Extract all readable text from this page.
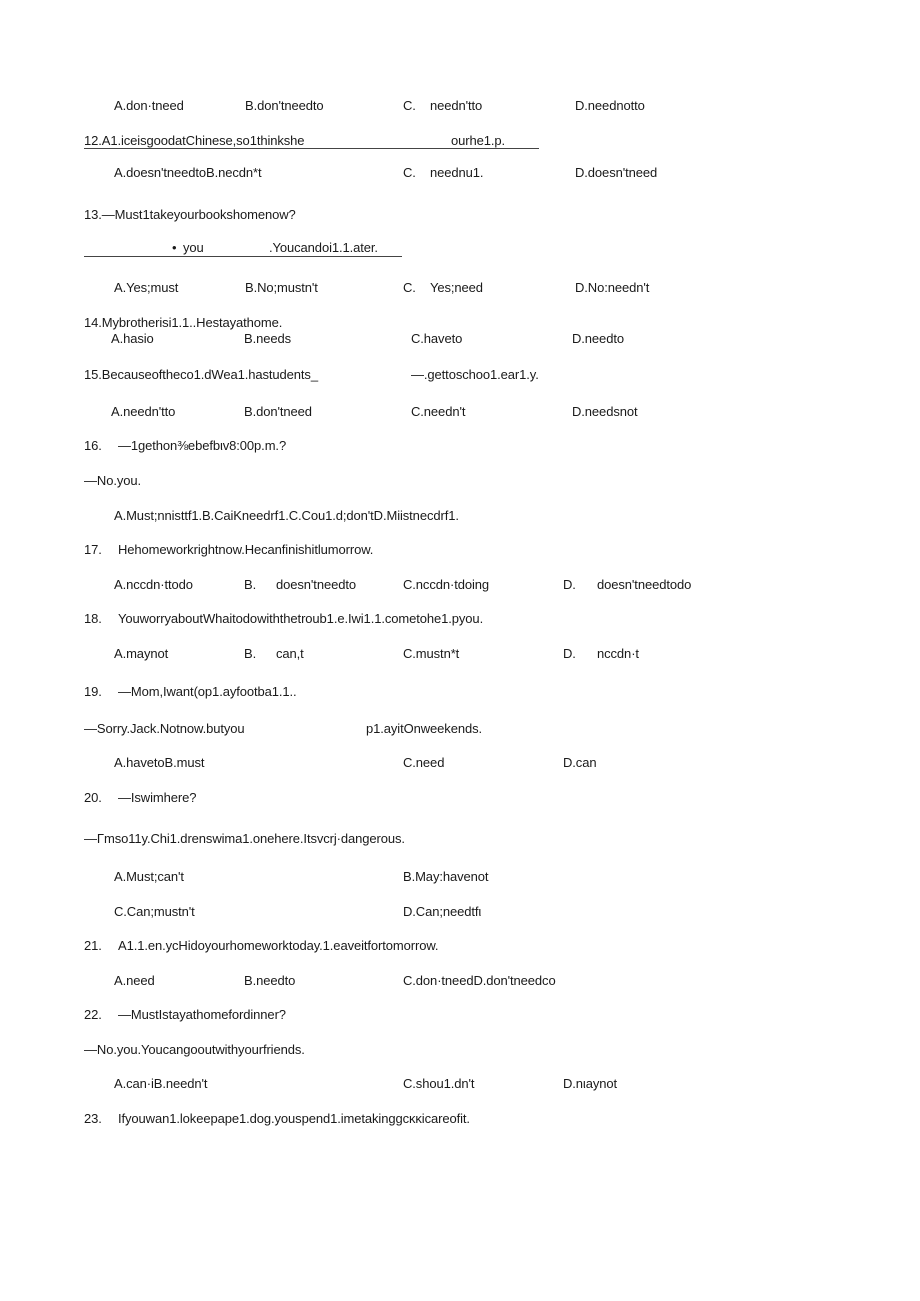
A.don·tneed	B.don'tneedto	C. needn'tto	D.neednotto
12.A1.iceisgoodatChinese,so1thinkshe	ourhe1.p.
A.doesn'tneedtoB.necdn*t	C. neednu1.	D.doesn'tneed
13.—Must1takeyourbookshomenow?
• you	.Youcandoi1.1.ater.
A.Yes;must	B.No;mustn't	C. Yes;need	D.No:needn't
14.Mybrotherisi1.1..Hestayathome.
A.hasio	B.needs	C.haveto	D.needto
15.Becauseoftheco1.dWea1.hastudents_	—.gettoschoo1.ear1.y.
A.needn'tto	B.don'tneed	C.needn't	D.needsnot
16. —1gethon⅜ebefbιv8:00p.m.?
—No.you.
A.Must;nnisttf1.B.CaiKneedrf1.C.Cou1.d;don'tD.Miistnecdrf1.
17. Hehomeworkrightnow.Hecanfinishitlumorrow.
A.nccdn·ttodo	B. doesn'tneedto	C.nccdn·tdoing	D. doesn'tneedtodo
18. YouworryaboutWhaitodowiththetroub1.e.Iwi1.1.cometohe1.pyou.
A.maynot	B. can,t	C.mustn*t	D. nccdn·t
19. —Mom,Iwant(op1.ayfootba1.1..
—Sorry.Jack.Notnow.butyou	p1.ayitOnweekends.
A.havetoB.must	C.need	D.can
20. —Iswimhere?
—Γmso11y.Chi1.drenswima1.onehere.Itsvcrj·dangerous.
A.Must;can't	B.May:havenot
C.Can;mustn't	D.Can;needtfι
21. A1.1.en.ycHidoyourhomeworktoday.1.eaveitfortomorrow.
A.need	B.needto	C.don·tneedD.don'tneedco
22. —MustIstayathomefordinner?
—No.you.Youcangooutwithyourfriends.
A.can·iB.needn't	C.shou1.dn't	D.nιaynot
23. Ifyouwan1.lokeepape1.dog.youspend1.imetakinggcκκicareofit.
